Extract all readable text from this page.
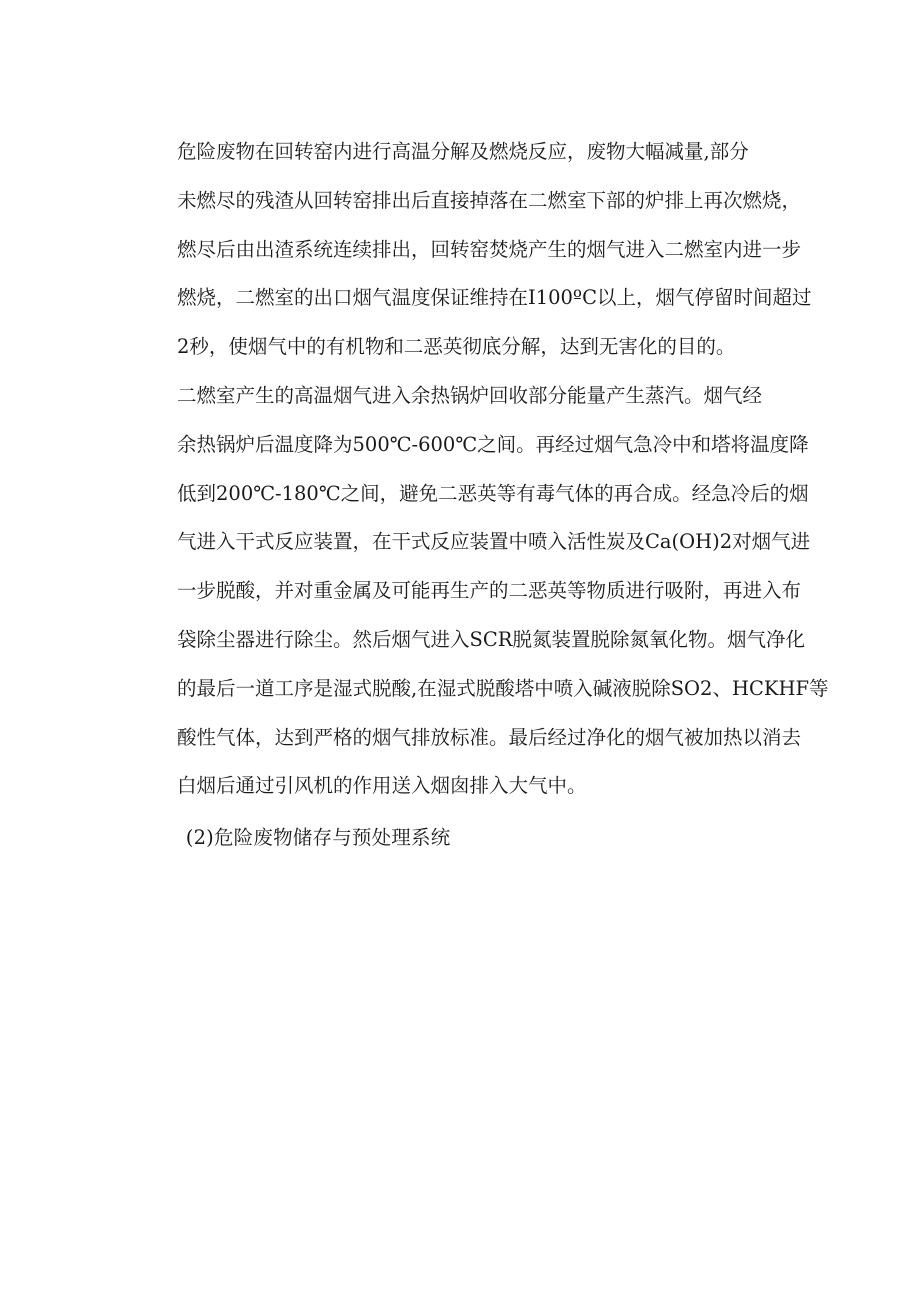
危险废物在回转窑内进行高温分解及燃烧反应，废物大幅减量,部分
未燃尽的残渣从回转窑排出后直接掉落在二燃室下部的炉排上再次燃烧，
燃尽后由出渣系统连续排出，回转窑焚烧产生的烟气进入二燃室内进一步
燃烧，二燃室的出口烟气温度保证维持在I100ºC以上，烟气停留时间超过
2秒，使烟气中的有机物和二恶英彻底分解，达到无害化的目的。

二燃室产生的高温烟气进入余热锅炉回收部分能量产生蒸汽。烟气经
余热锅炉后温度降为500℃-600℃之间。再经过烟气急冷中和塔将温度降
低到200℃-180℃之间，避免二恶英等有毒气体的再合成。经急冷后的烟
气进入干式反应装置，在干式反应装置中喷入活性炭及Ca(OH)2对烟气进
一步脱酸，并对重金属及可能再生产的二恶英等物质进行吸附，再进入布
袋除尘器进行除尘。然后烟气进入SCR脱氮装置脱除氮氧化物。烟气净化
的最后一道工序是湿式脱酸,在湿式脱酸塔中喷入碱液脱除SO2、HCKHF等
酸性气体，达到严格的烟气排放标准。最后经过净化的烟气被加热以消去
白烟后通过引风机的作用送入烟囱排入大气中。

(2)危险废物储存与预处理系统
